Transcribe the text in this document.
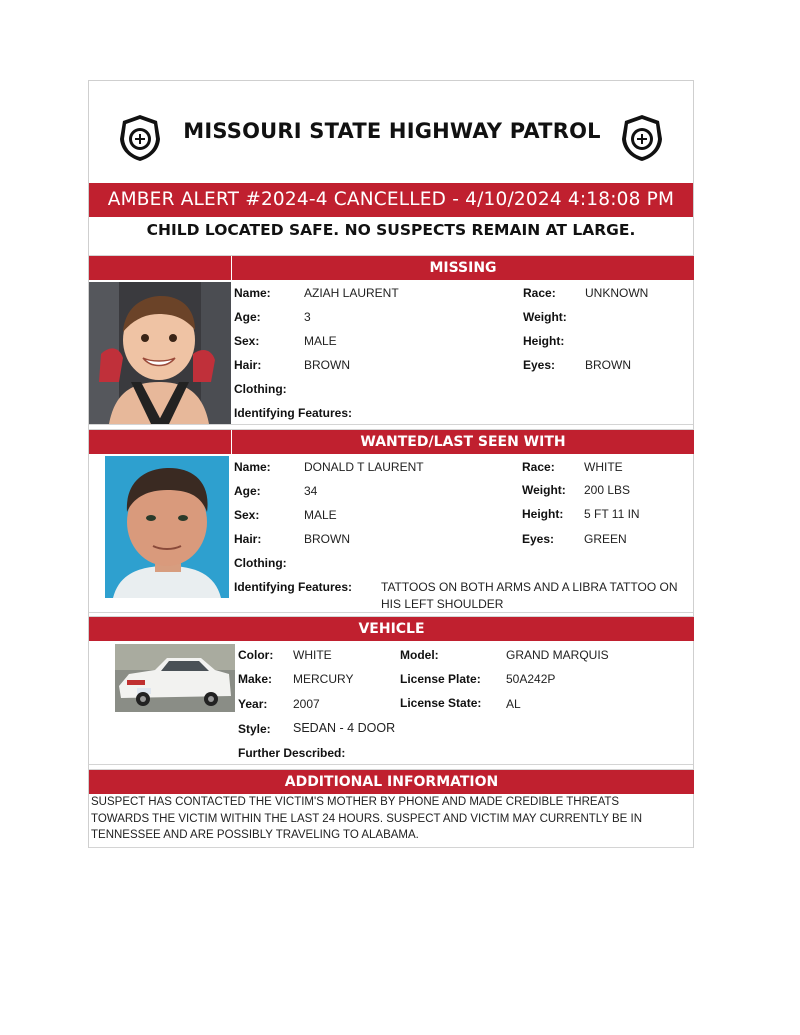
MISSOURI STATE HIGHWAY PATROL
AMBER ALERT #2024-4 CANCELLED - 4/10/2024 4:18:08 PM
CHILD LOCATED SAFE. NO SUSPECTS REMAIN AT LARGE.
MISSING
Name:	AZIAH LAURENT
Age:	3
Sex:	MALE
Hair:	BROWN
Clothing:
Identifying Features:
Race: UNKNOWN
Weight:
Height:
Eyes: BROWN
WANTED/LAST SEEN WITH
Name:	DONALD T LAURENT
Age:	34
Sex:	MALE
Hair:	BROWN
Clothing:
Identifying Features: TATTOOS ON BOTH ARMS AND A LIBRA TATTOO ON
HIS LEFT SHOULDER
Race: WHITE
Weight: 200 LBS
Height: 5 FT 11 IN
Eyes: GREEN
VEHICLE
Color: WHITE
Make: MERCURY
Year: 2007
Style: SEDAN - 4 DOOR
Further Described:
Model:	GRAND MARQUIS
License Plate: 50A242P
License State: AL
ADDITIONAL INFORMATION
SUSPECT HAS CONTACTED THE VICTIM'S MOTHER BY PHONE AND MADE CREDIBLE THREATS
TOWARDS THE VICTIM WITHIN THE LAST 24 HOURS. SUSPECT AND VICTIM MAY CURRENTLY BE IN
TENNESSEE AND ARE POSSIBLY TRAVELING TO ALABAMA.
